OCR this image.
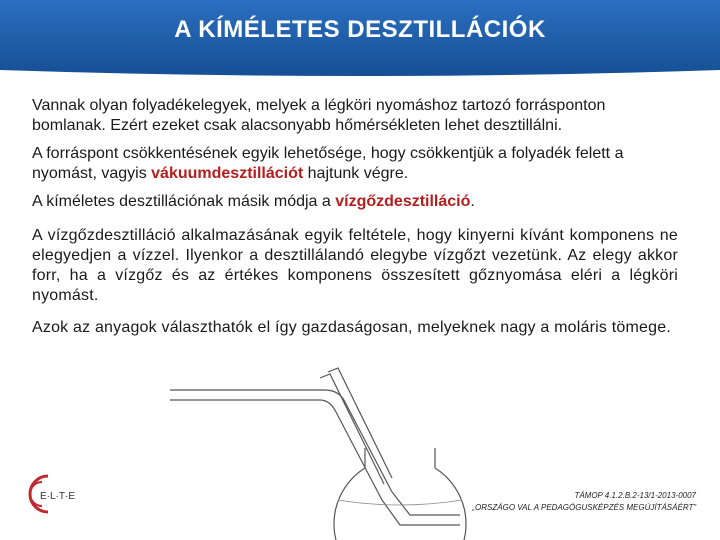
A KÍMÉLETES DESZTILLÁCIÓK

Vannak olyan folyadékelegyek, melyek a légköri nyomáshoz tartozó forrásponton bomlanak. Ezért ezeket csak alacsonyabb hőmérsékleten lehet desztillálni.

A forráspont csökkentésének egyik lehetősége, hogy csökkentjük a folyadék felett a nyomást, vagyis vákuumdesztillációt hajtunk végre.

A kíméletes desztillációnak másik módja a vízgőzdesztilláció.

A vízgőzdesztilláció alkalmazásának egyik feltétele, hogy kinyerni kívánt komponens ne elegyedjen a vízzel. Ilyenkor a desztillálandó elegybe vízgőzt vezetünk. Az elegy akkor forr, ha a vízgőz és az értékes komponens összesített gőznyomása eléri a légköri nyomást.

Azok az anyagok választhatók el így gazdaságosan, melyeknek nagy a moláris tömege.

E·L·T·E	TÁMOP 4.1.2.B.2-13/1-2013-0007
„ORSZÁGO VAL A PEDAGÓGUSKÉPZÉS MEGÚJÍTÁSÁÉRT”
